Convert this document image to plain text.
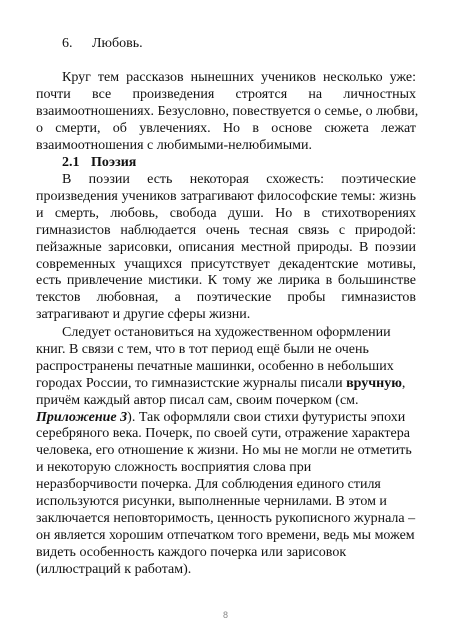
6. Любовь.
Круг тем рассказов нынешних учеников несколько уже:
почти все произведения строятся на личностных
взаимоотношениях. Безусловно, повествуется о семье, о любви,
о смерти, об увлечениях. Но в основе сюжета лежат
взаимоотношения с любимыми-нелюбимыми.
2.1 Поэзия
В поэзии есть некоторая схожесть: поэтические
произведения учеников затрагивают философские темы: жизнь
и смерть, любовь, свобода души. Но в стихотворениях
гимназистов наблюдается очень тесная связь с природой:
пейзажные зарисовки, описания местной природы. В поэзии
современных учащихся присутствует декадентские мотивы,
есть привлечение мистики. К тому же лирика в большинстве
текстов любовная, а поэтические пробы гимназистов
затрагивают и другие сферы жизни.
Следует остановиться на художественном оформлении
книг. В связи с тем, что в тот период ещё были не очень
распространены печатные машинки, особенно в небольших
городах России, то гимназистские журналы писали вручную,
причём каждый автор писал сам, своим почерком (см.
Приложение 3). Так оформляли свои стихи футуристы эпохи
серебряного века. Почерк, по своей сути, отражение характера
человека, его отношение к жизни. Но мы не могли не отметить
и некоторую сложность восприятия слова при
неразборчивости почерка. Для соблюдения единого стиля
используются рисунки, выполненные чернилами. В этом и
заключается неповторимость, ценность рукописного журнала –
он является хорошим отпечатком того времени, ведь мы можем
видеть особенность каждого почерка или зарисовок
(иллюстраций к работам).
8
